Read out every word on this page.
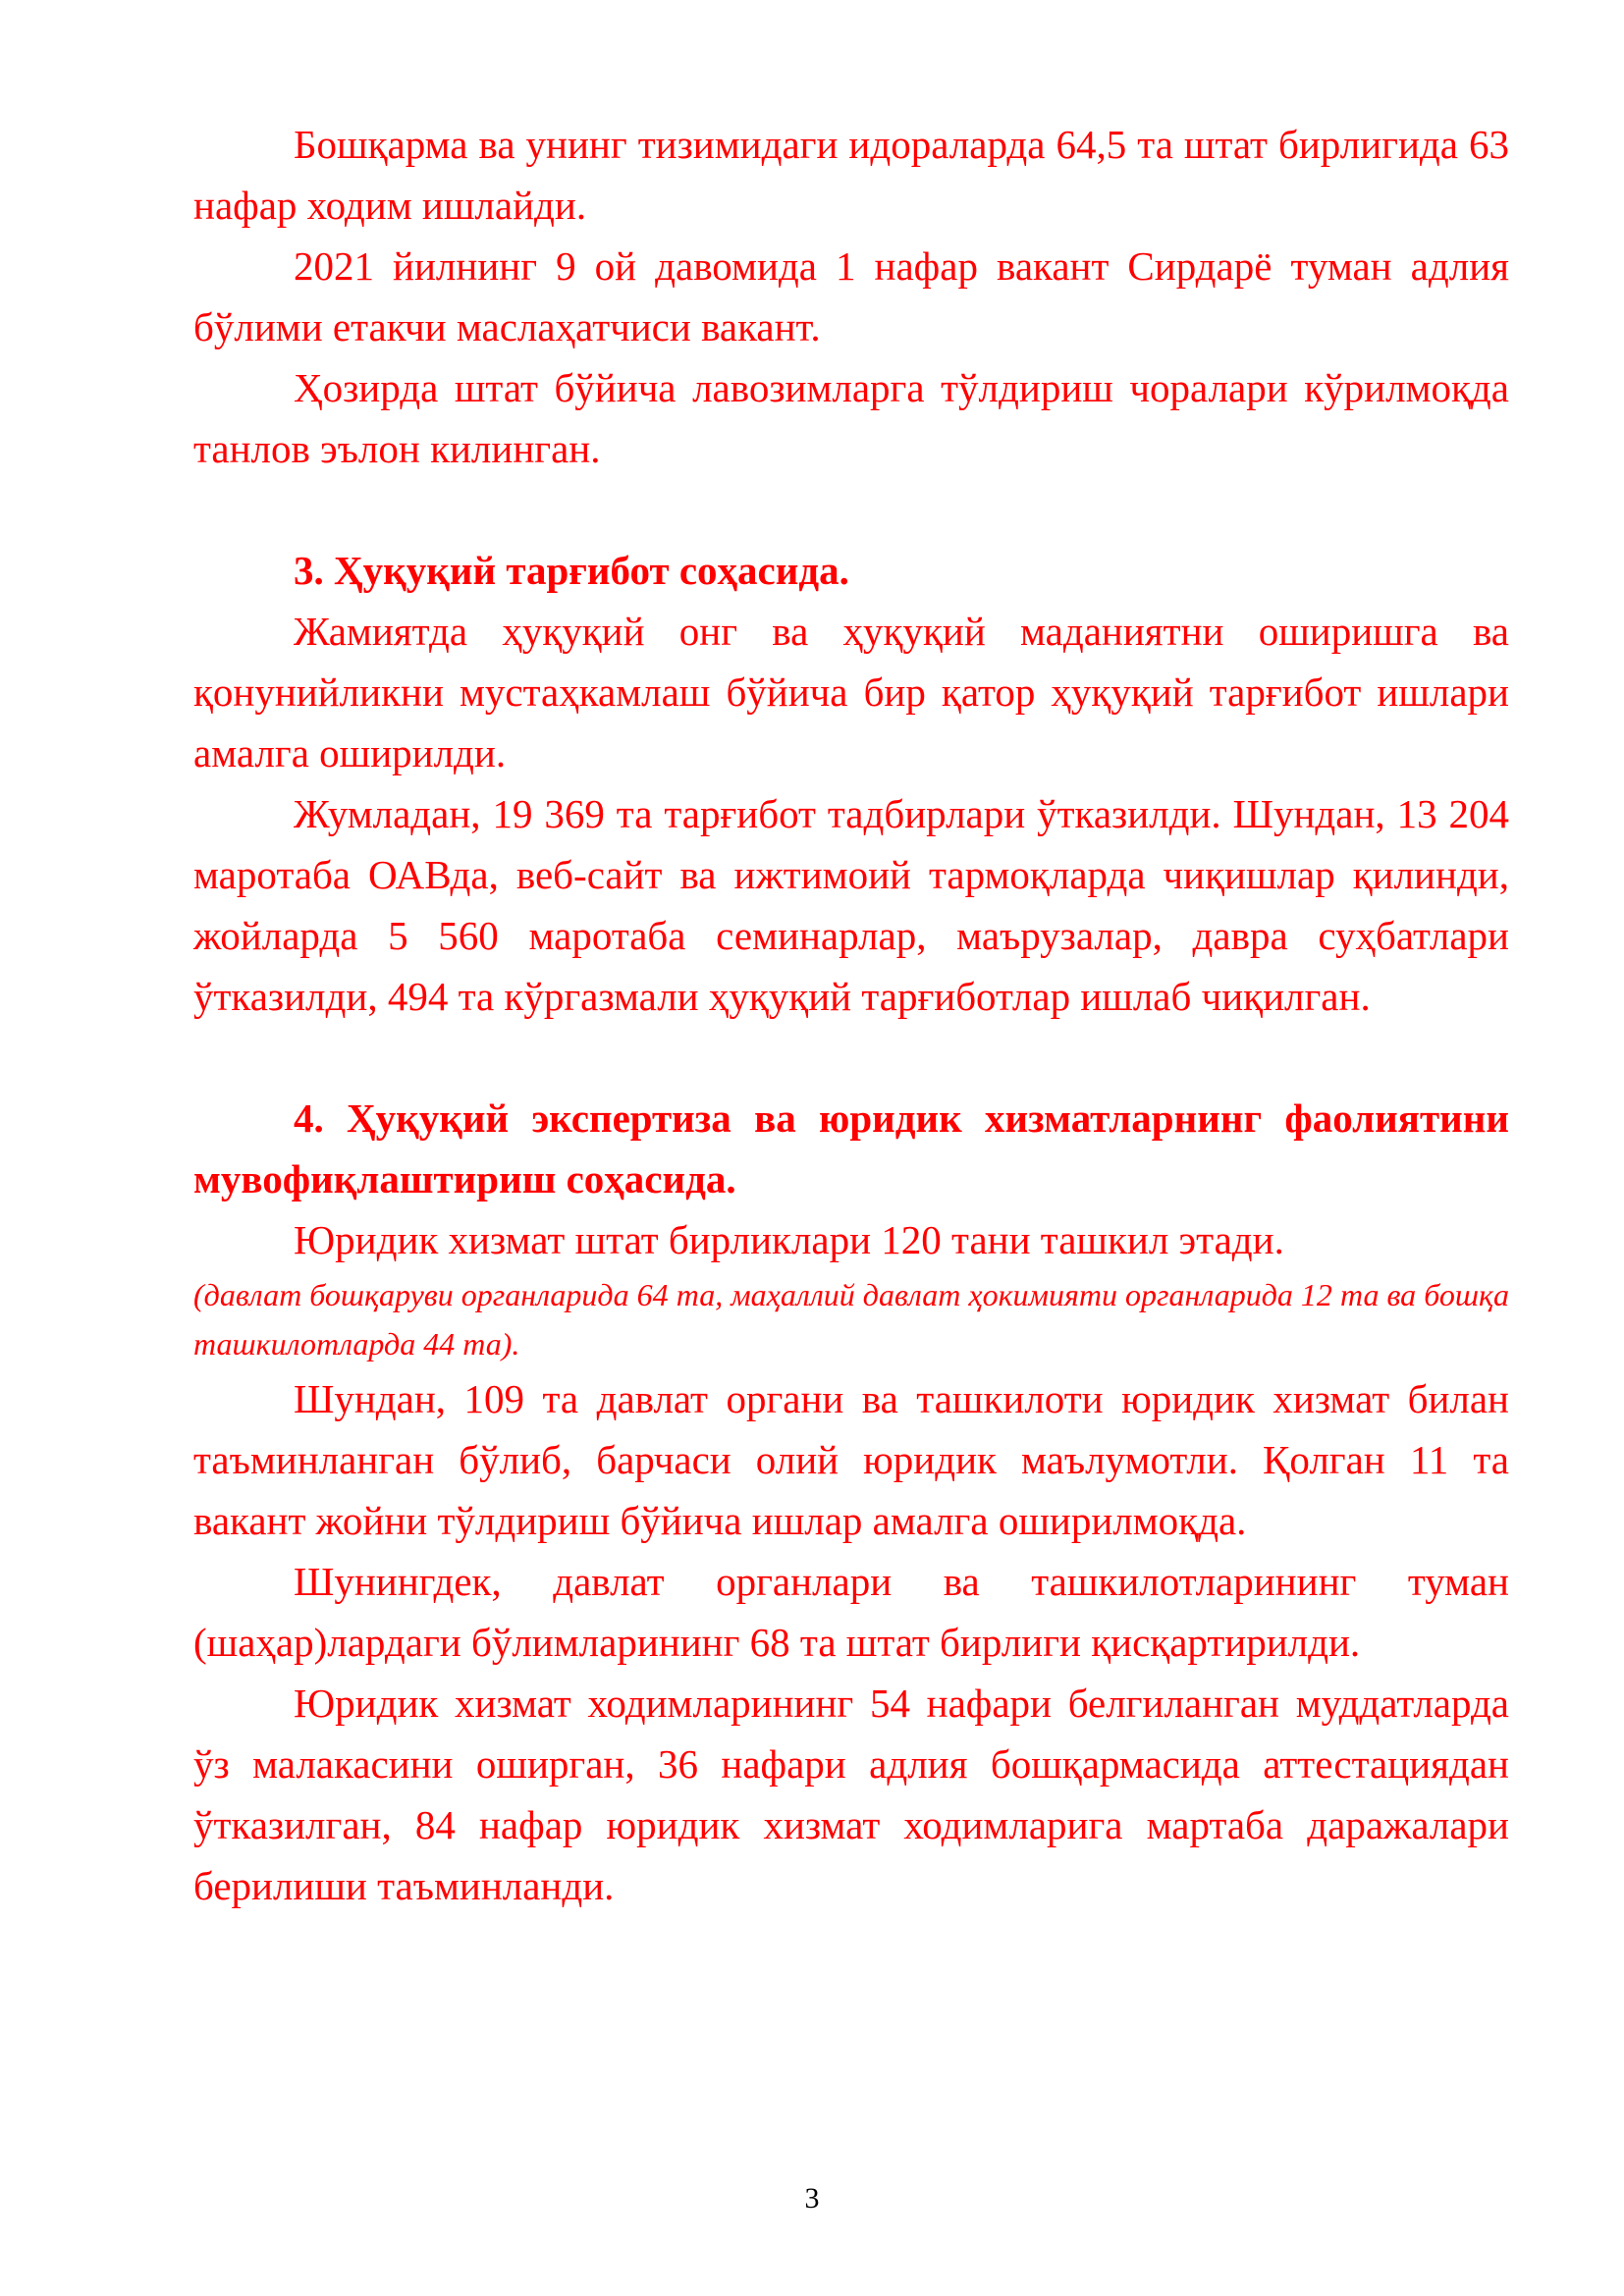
Бошқарма ва унинг тизимидаги идораларда 64,5 та штат бирлигида 63 нафар ходим ишлайди.

2021 йилнинг 9 ой давомида 1 нафар вакант Сирдарё туман адлия бўлими етакчи маслаҳатчиси вакант.

Ҳозирда штат бўйича лавозимларга тўлдириш чоралари кўрилмоқда танлов эълон килинган.

3. Ҳуқуқий тарғибот соҳасида.

Жамиятда ҳуқуқий онг ва ҳуқуқий маданиятни оширишга ва қонунийликни мустаҳкамлаш бўйича бир қатор ҳуқуқий тарғибот ишлари амалга оширилди.

Жумладан, 19 369 та тарғибот тадбирлари ўтказилди. Шундан, 13 204 маротаба ОАВда, веб-сайт ва ижтимоий тармоқларда чиқишлар қилинди, жойларда 5 560 маротаба семинарлар, маърузалар, давра суҳбатлари ўтказилди, 494 та кўргазмали ҳуқуқий тарғиботлар ишлаб чиқилган.

4. Ҳуқуқий экспертиза ва юридик хизматларнинг фаолиятини мувофиқлаштириш соҳасида.

Юридик хизмат штат бирликлари 120 тани ташкил этади.

(давлат бошқаруви органларида 64 та, маҳаллий давлат ҳокимияти органларида 12 та ва бошқа ташкилотларда 44 та).

Шундан, 109 та давлат органи ва ташкилоти юридик хизмат билан таъминланган бўлиб, барчаси олий юридик маълумотли. Қолган 11 та вакант жойни тўлдириш бўйича ишлар амалга оширилмоқда.

Шунингдек, давлат органлари ва ташкилотларининг туман (шаҳар)лардаги бўлимларининг 68 та штат бирлиги қисқартирилди.

Юридик хизмат ходимларининг 54 нафари белгиланган муддатларда ўз малакасини оширган, 36 нафари адлия бошқармасида аттестациядан ўтказилган, 84 нафар юридик хизмат ходимларига мартаба даражалари берилиши таъминланди.

3
